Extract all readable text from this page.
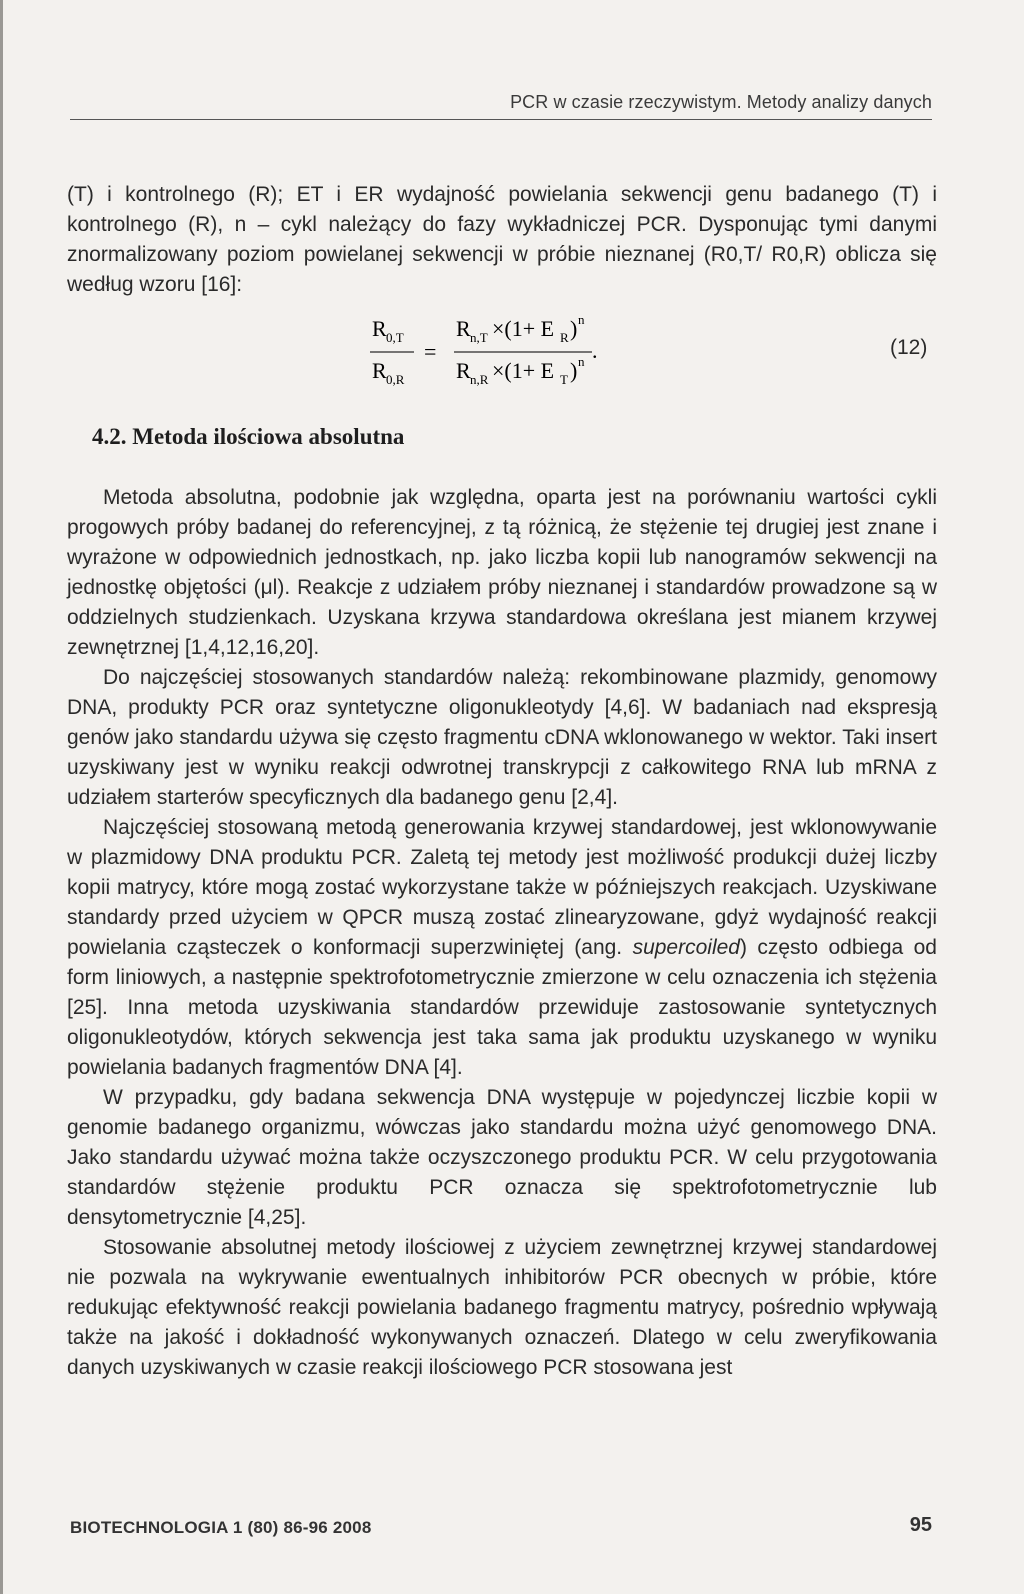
PCR w czasie rzeczywistym. Metody analizy danych

(T) i kontrolnego (R); ET i ER wydajność powielania sekwencji genu badanego (T) i kontrolnego (R), n – cykl należący do fazy wykładniczej PCR. Dysponując tymi danymi znormalizowany poziom powielanej sekwencji w próbie nieznanej (R0,T/ R0,R) oblicza się według wzoru [16]:

R 0,T
R 0,R
=
R n,T ×(1+ E R ) n
.
R n,R ×(1+ E T ) n
(12)
4.2. Metoda ilościowa absolutna

Metoda absolutna, podobnie jak względna, oparta jest na porównaniu wartości cykli progowych próby badanej do referencyjnej, z tą różnicą, że stężenie tej drugiej jest znane i wyrażone w odpowiednich jednostkach, np. jako liczba kopii lub nanogramów sekwencji na jednostkę objętości (μl). Reakcje z udziałem próby nieznanej i standardów prowadzone są w oddzielnych studzienkach. Uzyskana krzywa standardowa określana jest mianem krzywej zewnętrznej [1,4,12,16,20].

Do najczęściej stosowanych standardów należą: rekombinowane plazmidy, genomowy DNA, produkty PCR oraz syntetyczne oligonukleotydy [4,6]. W badaniach nad ekspresją genów jako standardu używa się często fragmentu cDNA wklonowanego w wektor. Taki insert uzyskiwany jest w wyniku reakcji odwrotnej transkrypcji z całkowitego RNA lub mRNA z udziałem starterów specyficznych dla badanego genu [2,4].

Najczęściej stosowaną metodą generowania krzywej standardowej, jest wklonowywanie w plazmidowy DNA produktu PCR. Zaletą tej metody jest możliwość produkcji dużej liczby kopii matrycy, które mogą zostać wykorzystane także w późniejszych reakcjach. Uzyskiwane standardy przed użyciem w QPCR muszą zostać zlinearyzowane, gdyż wydajność reakcji powielania cząsteczek o konformacji superzwiniętej (ang. supercoiled) często odbiega od form liniowych, a następnie spektrofotometrycznie zmierzone w celu oznaczenia ich stężenia [25]. Inna metoda uzyskiwania standardów przewiduje zastosowanie syntetycznych oligonukleotydów, których sekwencja jest taka sama jak produktu uzyskanego w wyniku powielania badanych fragmentów DNA [4].

W przypadku, gdy badana sekwencja DNA występuje w pojedynczej liczbie kopii w genomie badanego organizmu, wówczas jako standardu można użyć genomowego DNA. Jako standardu używać można także oczyszczonego produktu PCR. W celu przygotowania standardów stężenie produktu PCR oznacza się spektrofotometrycznie lub densytometrycznie [4,25].

Stosowanie absolutnej metody ilościowej z użyciem zewnętrznej krzywej standardowej nie pozwala na wykrywanie ewentualnych inhibitorów PCR obecnych w próbie, które redukując efektywność reakcji powielania badanego fragmentu matrycy, pośrednio wpływają także na jakość i dokładność wykonywanych oznaczeń. Dlatego w celu zweryfikowania danych uzyskiwanych w czasie reakcji ilościowego PCR stosowana jest

BIOTECHNOLOGIA 1 (80) 86-96 2008	95
